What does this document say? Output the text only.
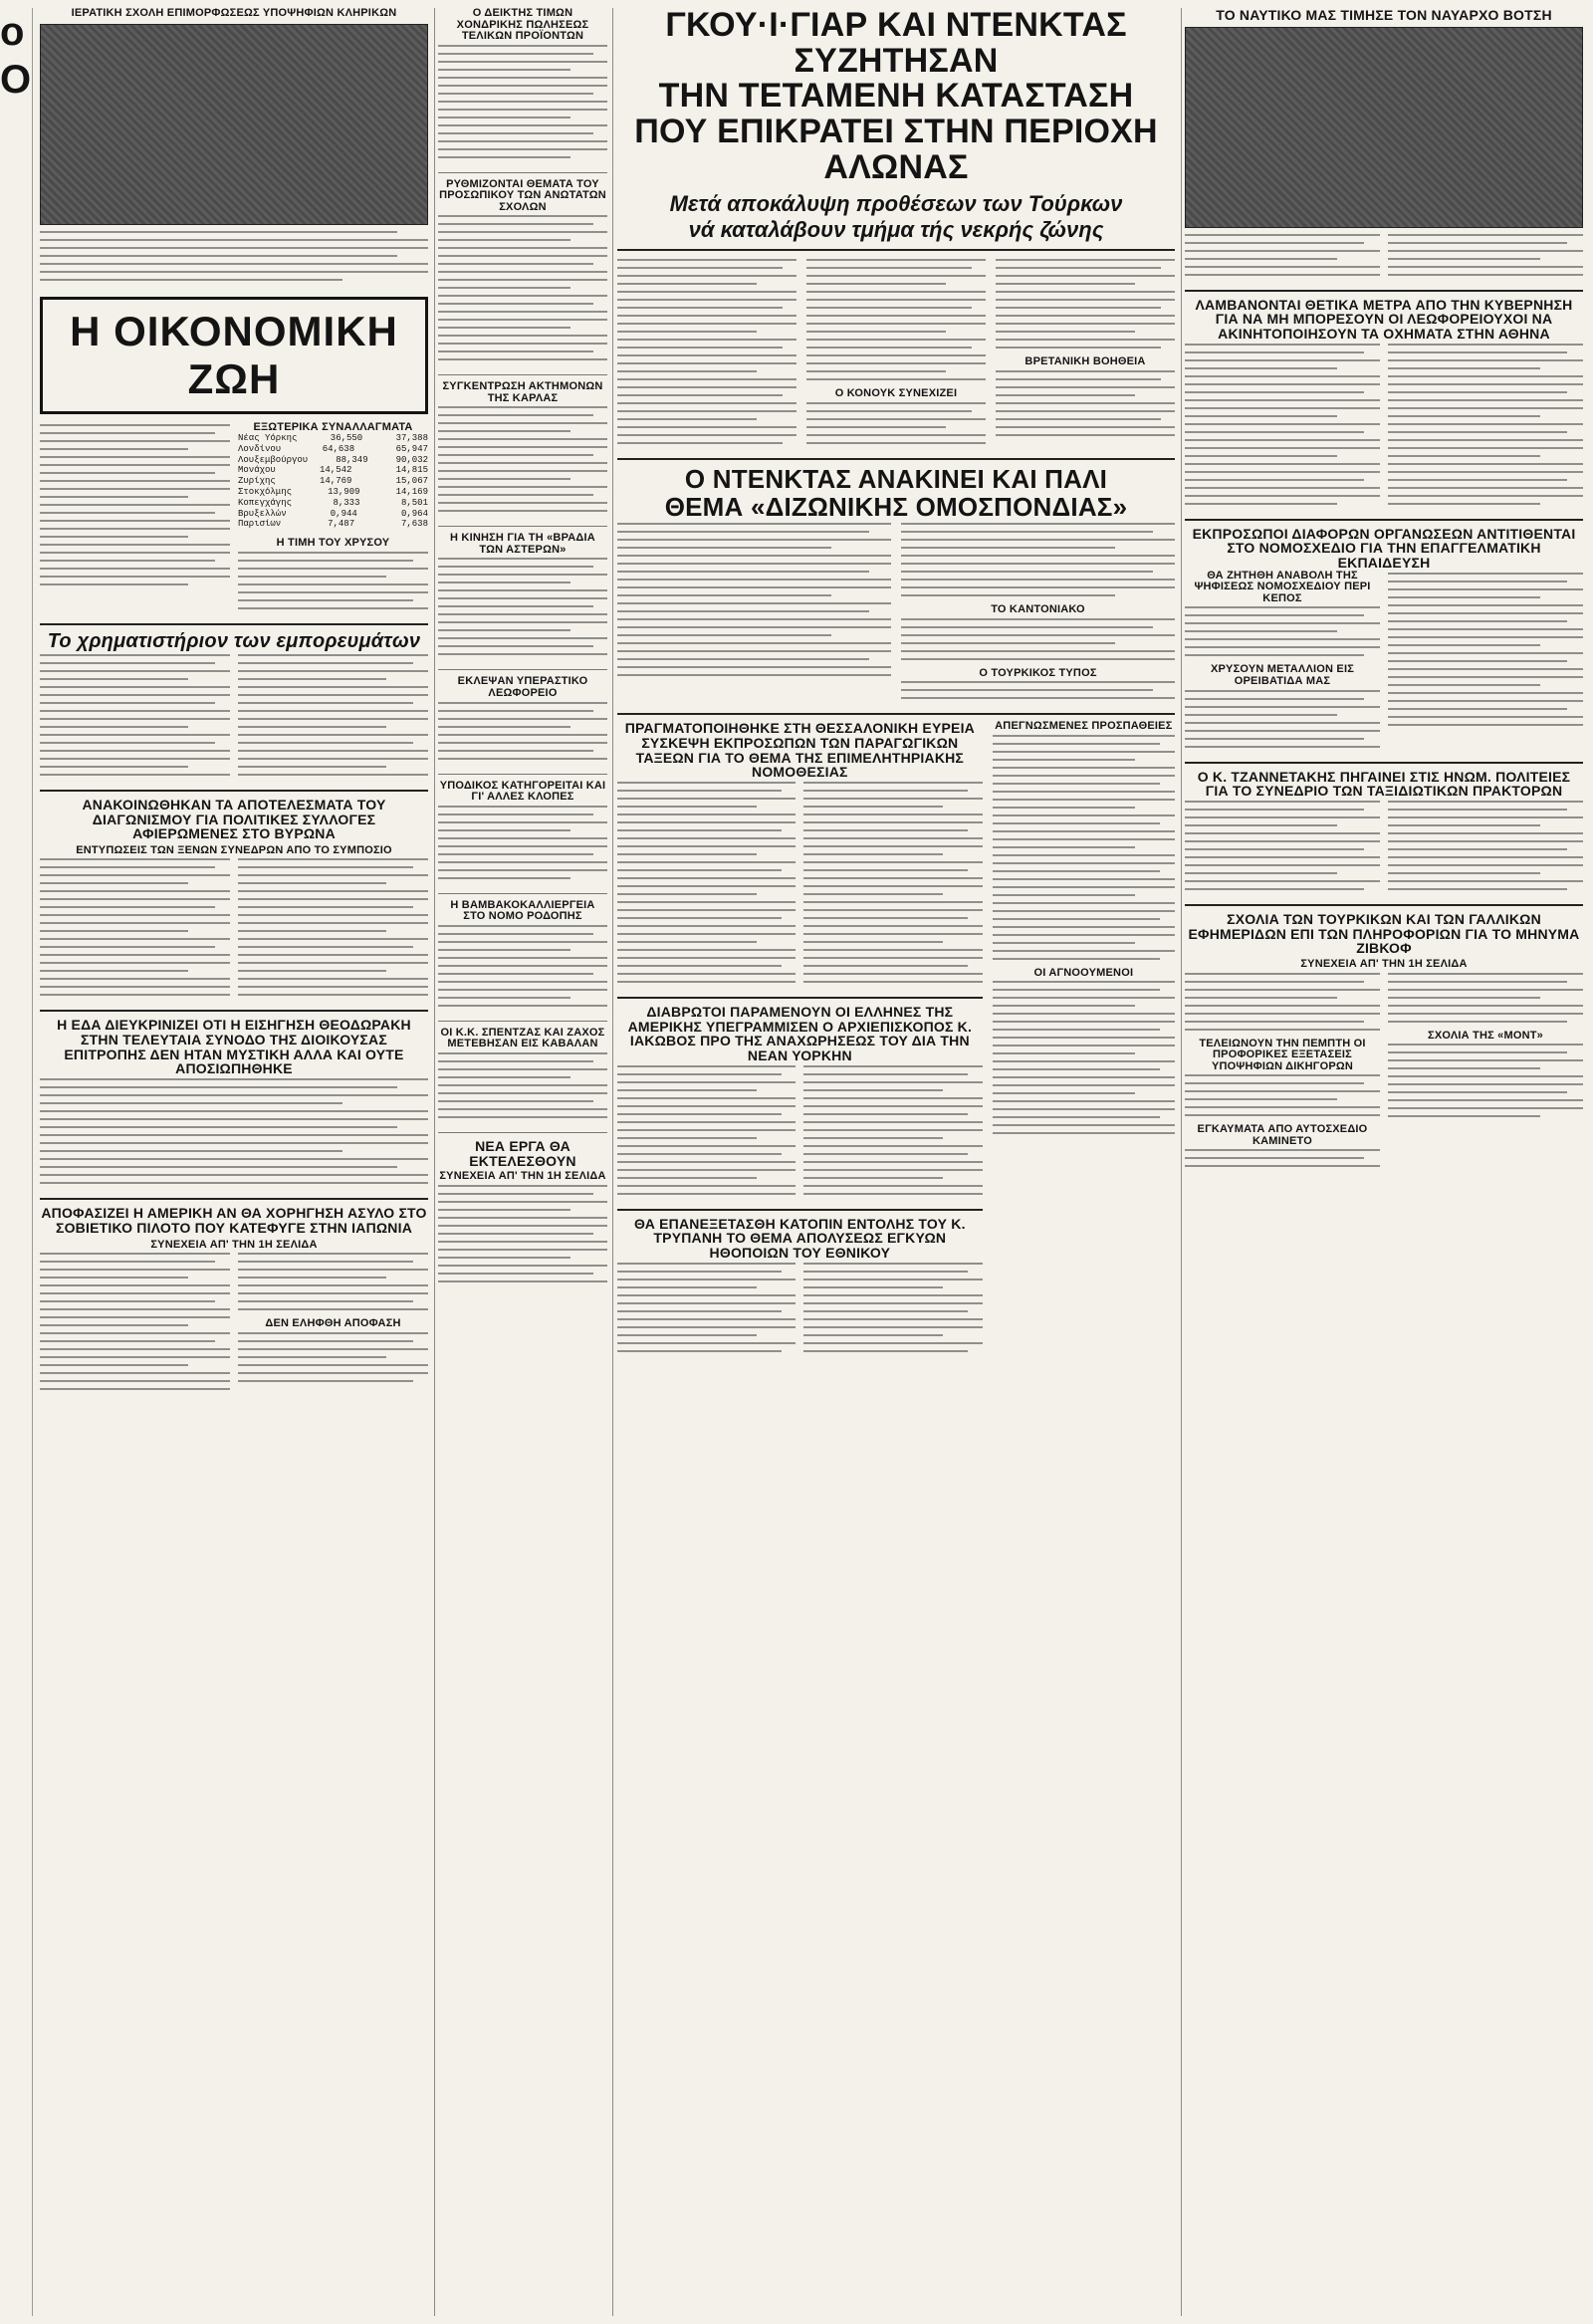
ο
Ο
ΙΕΡΑΤΙΚΗ ΣΧΟΛΗ ΕΠΙΜΟΡΦΩΣΕΩΣ ΥΠΟΨΗΦΙΩΝ ΚΛΗΡΙΚΩΝ
Η ΟΙΚΟΝΟΜΙΚΗ ΖΩΗ
ΕΞΩΤΕΡΙΚΑ ΣΥΝΑΛΛΑΓΜΑΤΑ
Νέας Υόρκης	36,550	37,388
Λονδίνου	64,638	65,947
Λουξεμβούργου	88,349	90,032
Μονάχου	14,542	14,815
Ζυρίχης	14,769	15,067
Στοκχόλμης	13,909	14,169
Κοπεγχάγης	8,333	8,501
Βρυξελλών	0,944	0,964
Παρισίων	7,487	7,638
Η ΤΙΜΗ ΤΟΥ ΧΡΥΣΟΥ
Το χρηματιστήριον των εμπορευμάτων
ΑΝΑΚΟΙΝΩΘΗΚΑΝ ΤΑ ΑΠΟΤΕΛΕΣΜΑΤΑ ΤΟΥ ΔΙΑΓΩΝΙΣΜΟΥ ΓΙΑ ΠΟΛΙΤΙΚΕΣ ΣΥΛΛΟΓΕΣ ΑΦΙΕΡΩΜΕΝΕΣ ΣΤΟ ΒΥΡΩΝΑ
ΕΝΤΥΠΩΣΕΙΣ ΤΩΝ ΞΕΝΩΝ ΣΥΝΕΔΡΩΝ ΑΠΟ ΤΟ ΣΥΜΠΟΣΙΟ
Η ΕΔΑ ΔΙΕΥΚΡΙΝΙΖΕΙ ΟΤΙ Η ΕΙΣΗΓΗΣΗ ΘΕΟΔΩΡΑΚΗ ΣΤΗΝ ΤΕΛΕΥΤΑΙΑ ΣΥΝΟΔΟ ΤΗΣ ΔΙΟΙΚΟΥΣΑΣ ΕΠΙΤΡΟΠΗΣ ΔΕΝ ΗΤΑΝ ΜΥΣΤΙΚΗ ΑΛΛΑ ΚΑΙ ΟΥΤΕ ΑΠΟΣΙΩΠΗΘΗΚΕ
ΑΠΟΦΑΣΙΖΕΙ Η ΑΜΕΡΙΚΗ ΑΝ ΘΑ ΧΟΡΗΓΗΣΗ ΑΣΥΛΟ ΣΤΟ ΣΟΒΙΕΤΙΚΟ ΠΙΛΟΤΟ ΠΟΥ ΚΑΤΕΦΥΓΕ ΣΤΗΝ ΙΑΠΩΝΙΑ
ΣΥΝΕΧΕΙΑ ΑΠ' ΤΗΝ 1Η ΣΕΛΙΔΑ
ΔΕΝ ΕΛΗΦΘΗ ΑΠΟΦΑΣΗ
Ο ΔΕΙΚΤΗΣ ΤΙΜΩΝ ΧΟΝΔΡΙΚΗΣ ΠΩΛΗΣΕΩΣ ΤΕΛΙΚΩΝ ΠΡΟΪΟΝΤΩΝ
ΡΥΘΜΙΖΟΝΤΑΙ ΘΕΜΑΤΑ ΤΟΥ ΠΡΟΣΩΠΙΚΟΥ ΤΩΝ ΑΝΩΤΑΤΩΝ ΣΧΟΛΩΝ
ΣΥΓΚΕΝΤΡΩΣΗ ΑΚΤΗΜΟΝΩΝ ΤΗΣ ΚΑΡΛΑΣ
Η ΚΙΝΗΣΗ ΓΙΑ ΤΗ «ΒΡΑΔΙΑ ΤΩΝ ΑΣΤΕΡΩΝ»
ΕΚΛΕΨΑΝ ΥΠΕΡΑΣΤΙΚΟ ΛΕΩΦΟΡΕΙΟ
ΥΠΟΔΙΚΟΣ ΚΑΤΗΓΟΡΕΙΤΑΙ ΚΑΙ ΓΙ' ΑΛΛΕΣ ΚΛΟΠΕΣ
Η ΒΑΜΒΑΚΟΚΑΛΛΙΕΡΓΕΙΑ ΣΤΟ ΝΟΜΟ ΡΟΔΟΠΗΣ
ΟΙ Κ.Κ. ΣΠΕΝΤΖΑΣ ΚΑΙ ΖΑΧΟΣ ΜΕΤΕΒΗΣΑΝ ΕΙΣ ΚΑΒΑΛΑΝ
ΝΕΑ ΕΡΓΑ ΘΑ ΕΚΤΕΛΕΣΘΟΥΝ
ΣΥΝΕΧΕΙΑ ΑΠ' ΤΗΝ 1Η ΣΕΛΙΔΑ
ΓΚΟΥ·Ι·ΓΙΑΡ ΚΑΙ ΝΤΕΝΚΤΑΣ ΣΥΖΗΤΗΣΑΝ
ΤΗΝ ΤΕΤΑΜΕΝΗ ΚΑΤΑΣΤΑΣΗ
ΠΟΥ ΕΠΙΚΡΑΤΕΙ ΣΤΗΝ ΠΕΡΙΟΧΗ ΑΛΩΝΑΣ
Μετά αποκάλυψη προθέσεων των Τούρκων
νά καταλάβουν τμήμα τής νεκρής ζώνης
Ο ΚΟΝΟΥΚ ΣΥΝΕΧΙΖΕΙ
ΒΡΕΤΑΝΙΚΗ ΒΟΗΘΕΙΑ
Ο ΝΤΕΝΚΤΑΣ ΑΝΑΚΙΝΕΙ ΚΑΙ ΠΑΛΙ
ΘΕΜΑ «ΔΙΖΩΝΙΚΗΣ ΟΜΟΣΠΟΝΔΙΑΣ»
ΤΟ ΚΑΝΤΟΝΙΑΚΟ
Ο ΤΟΥΡΚΙΚΟΣ ΤΥΠΟΣ
ΠΡΑΓΜΑΤΟΠΟΙΗΘΗΚΕ ΣΤΗ ΘΕΣΣΑΛΟΝΙΚΗ ΕΥΡΕΙΑ ΣΥΣΚΕΨΗ ΕΚΠΡΟΣΩΠΩΝ ΤΩΝ ΠΑΡΑΓΩΓΙΚΩΝ ΤΑΞΕΩΝ ΓΙΑ ΤΟ ΘΕΜΑ ΤΗΣ ΕΠΙΜΕΛΗΤΗΡΙΑΚΗΣ ΝΟΜΟΘΕΣΙΑΣ
ΔΙΑΒΡΩΤΟΙ ΠΑΡΑΜΕΝΟΥΝ ΟΙ ΕΛΛΗΝΕΣ ΤΗΣ ΑΜΕΡΙΚΗΣ ΥΠΕΓΡΑΜΜΙΣΕΝ Ο ΑΡΧΙΕΠΙΣΚΟΠΟΣ Κ. ΙΑΚΩΒΟΣ ΠΡΟ ΤΗΣ ΑΝΑΧΩΡΗΣΕΩΣ ΤΟΥ ΔΙΑ ΤΗΝ ΝΕΑΝ ΥΟΡΚΗΝ
ΘΑ ΕΠΑΝΕΞΕΤΑΣΘΗ ΚΑΤΟΠΙΝ ΕΝΤΟΛΗΣ ΤΟΥ Κ. ΤΡΥΠΑΝΗ ΤΟ ΘΕΜΑ ΑΠΟΛΥΣΕΩΣ ΕΓΚΥΩΝ ΗΘΟΠΟΙΩΝ ΤΟΥ ΕΘΝΙΚΟΥ
ΑΠΕΓΝΩΣΜΕΝΕΣ ΠΡΟΣΠΑΘΕΙΕΣ
ΟΙ ΑΓΝΟΟΥΜΕΝΟΙ
ΤΟ ΝΑΥΤΙΚΟ ΜΑΣ ΤΙΜΗΣΕ ΤΟΝ ΝΑΥΑΡΧΟ ΒΟΤΣΗ
ΛΑΜΒΑΝΟΝΤΑΙ ΘΕΤΙΚΑ ΜΕΤΡΑ ΑΠΟ ΤΗΝ ΚΥΒΕΡΝΗΣΗ ΓΙΑ ΝΑ ΜΗ ΜΠΟΡΕΣΟΥΝ ΟΙ ΛΕΩΦΟΡΕΙΟΥΧΟΙ ΝΑ ΑΚΙΝΗΤΟΠΟΙΗΣΟΥΝ ΤΑ ΟΧΗΜΑΤΑ ΣΤΗΝ ΑΘΗΝΑ
ΕΚΠΡΟΣΩΠΟΙ ΔΙΑΦΟΡΩΝ ΟΡΓΑΝΩΣΕΩΝ ΑΝΤΙΤΙΘΕΝΤΑΙ ΣΤΟ ΝΟΜΟΣΧΕΔΙΟ ΓΙΑ ΤΗΝ ΕΠΑΓΓΕΛΜΑΤΙΚΗ ΕΚΠΑΙΔΕΥΣΗ
ΘΑ ΖΗΤΗΘΗ ΑΝΑΒΟΛΗ ΤΗΣ ΨΗΦΙΣΕΩΣ ΝΟΜΟΣΧΕΔΙΟΥ ΠΕΡΙ ΚΕΠΟΣ
ΧΡΥΣΟΥΝ ΜΕΤΑΛΛΙΟΝ ΕΙΣ ΟΡΕΙΒΑΤΙΔΑ ΜΑΣ
Ο Κ. ΤΖΑΝΝΕΤΑΚΗΣ ΠΗΓΑΙΝΕΙ ΣΤΙΣ ΗΝΩΜ. ΠΟΛΙΤΕΙΕΣ ΓΙΑ ΤΟ ΣΥΝΕΔΡΙΟ ΤΩΝ ΤΑΞΙΔΙΩΤΙΚΩΝ ΠΡΑΚΤΟΡΩΝ
ΣΧΟΛΙΑ ΤΩΝ ΤΟΥΡΚΙΚΩΝ ΚΑΙ ΤΩΝ ΓΑΛΛΙΚΩΝ ΕΦΗΜΕΡΙΔΩΝ ΕΠΙ ΤΩΝ ΠΛΗΡΟΦΟΡΙΩΝ ΓΙΑ ΤΟ ΜΗΝΥΜΑ ΖΙΒΚΟΦ
ΣΥΝΕΧΕΙΑ ΑΠ' ΤΗΝ 1Η ΣΕΛΙΔΑ
ΤΕΛΕΙΩΝΟΥΝ ΤΗΝ ΠΕΜΠΤΗ ΟΙ ΠΡΟΦΟΡΙΚΕΣ ΕΞΕΤΑΣΕΙΣ ΥΠΟΨΗΦΙΩΝ ΔΙΚΗΓΟΡΩΝ
ΕΓΚΑΥΜΑΤΑ ΑΠΟ ΑΥΤΟΣΧΕΔΙΟ ΚΑΜΙΝΕΤΟ
ΣΧΟΛΙΑ ΤΗΣ «ΜΟΝΤ»
